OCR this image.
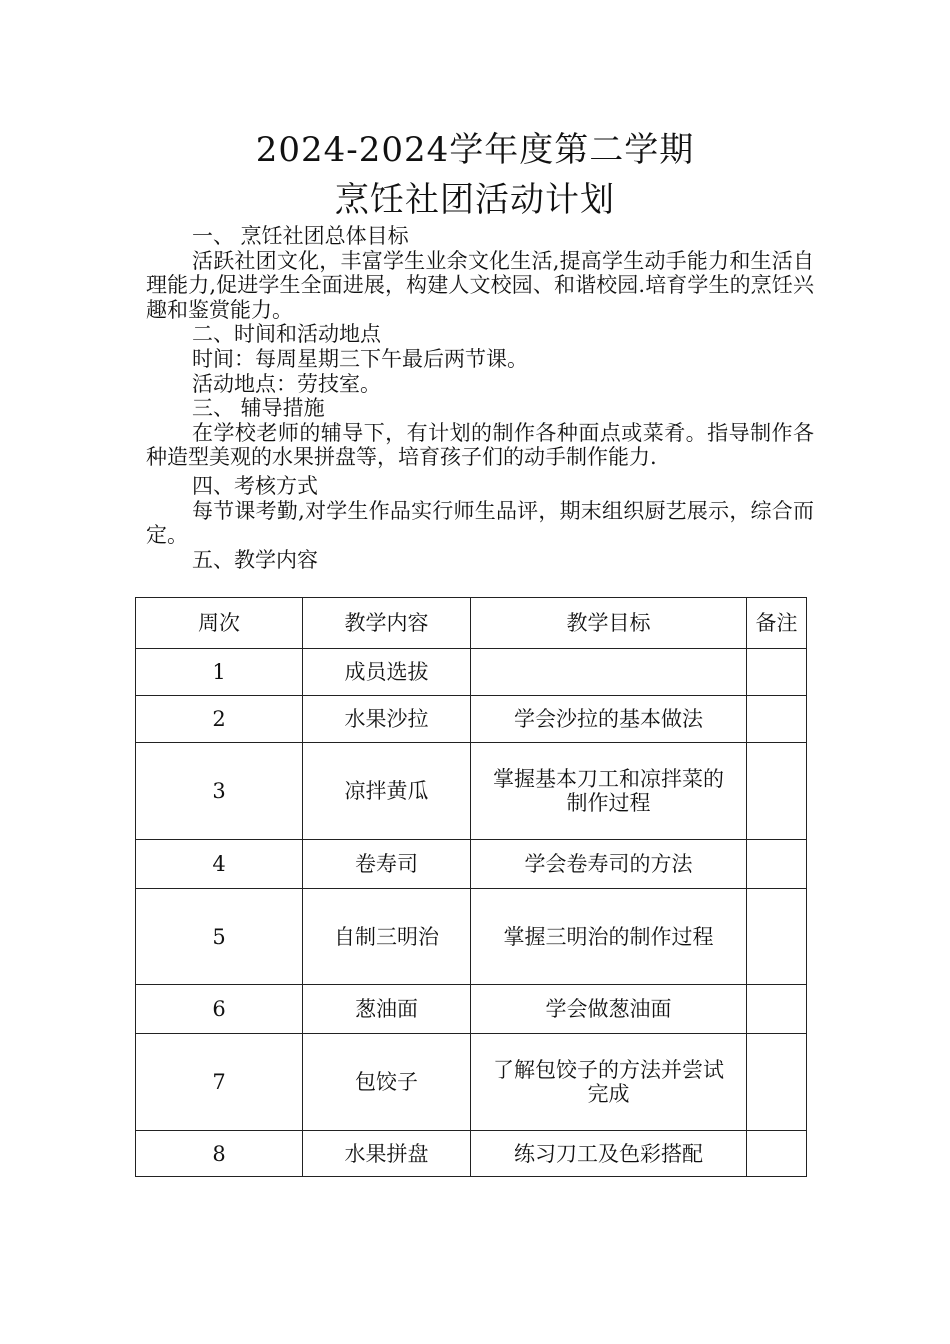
2024-2024学年度第二学期
烹饪社团活动计划

一、 烹饪社团总体目标

活跃社团文化，丰富学生业余文化生活,提高学生动手能力和生活自理能力,促进学生全面进展，构建人文校园、和谐校园.培育学生的烹饪兴趣和鉴赏能力。

二、时间和活动地点

时间：每周星期三下午最后两节课。

活动地点：劳技室。

三、 辅导措施

在学校老师的辅导下，有计划的制作各种面点或菜肴。指导制作各种造型美观的水果拼盘等，培育孩子们的动手制作能力.

四、考核方式

每节课考勤,对学生作品实行师生品评，期末组织厨艺展示，综合而定。

五、教学内容

周次	教学内容	教学目标	备注
1	成员选拔		
2	水果沙拉	学会沙拉的基本做法	
3	凉拌黄瓜	掌握基本刀工和凉拌菜的制作过程	
4	卷寿司	学会卷寿司的方法	
5	自制三明治	掌握三明治的制作过程	
6	葱油面	学会做葱油面	
7	包饺子	了解包饺子的方法并尝试完成	
8	水果拼盘	练习刀工及色彩搭配	
